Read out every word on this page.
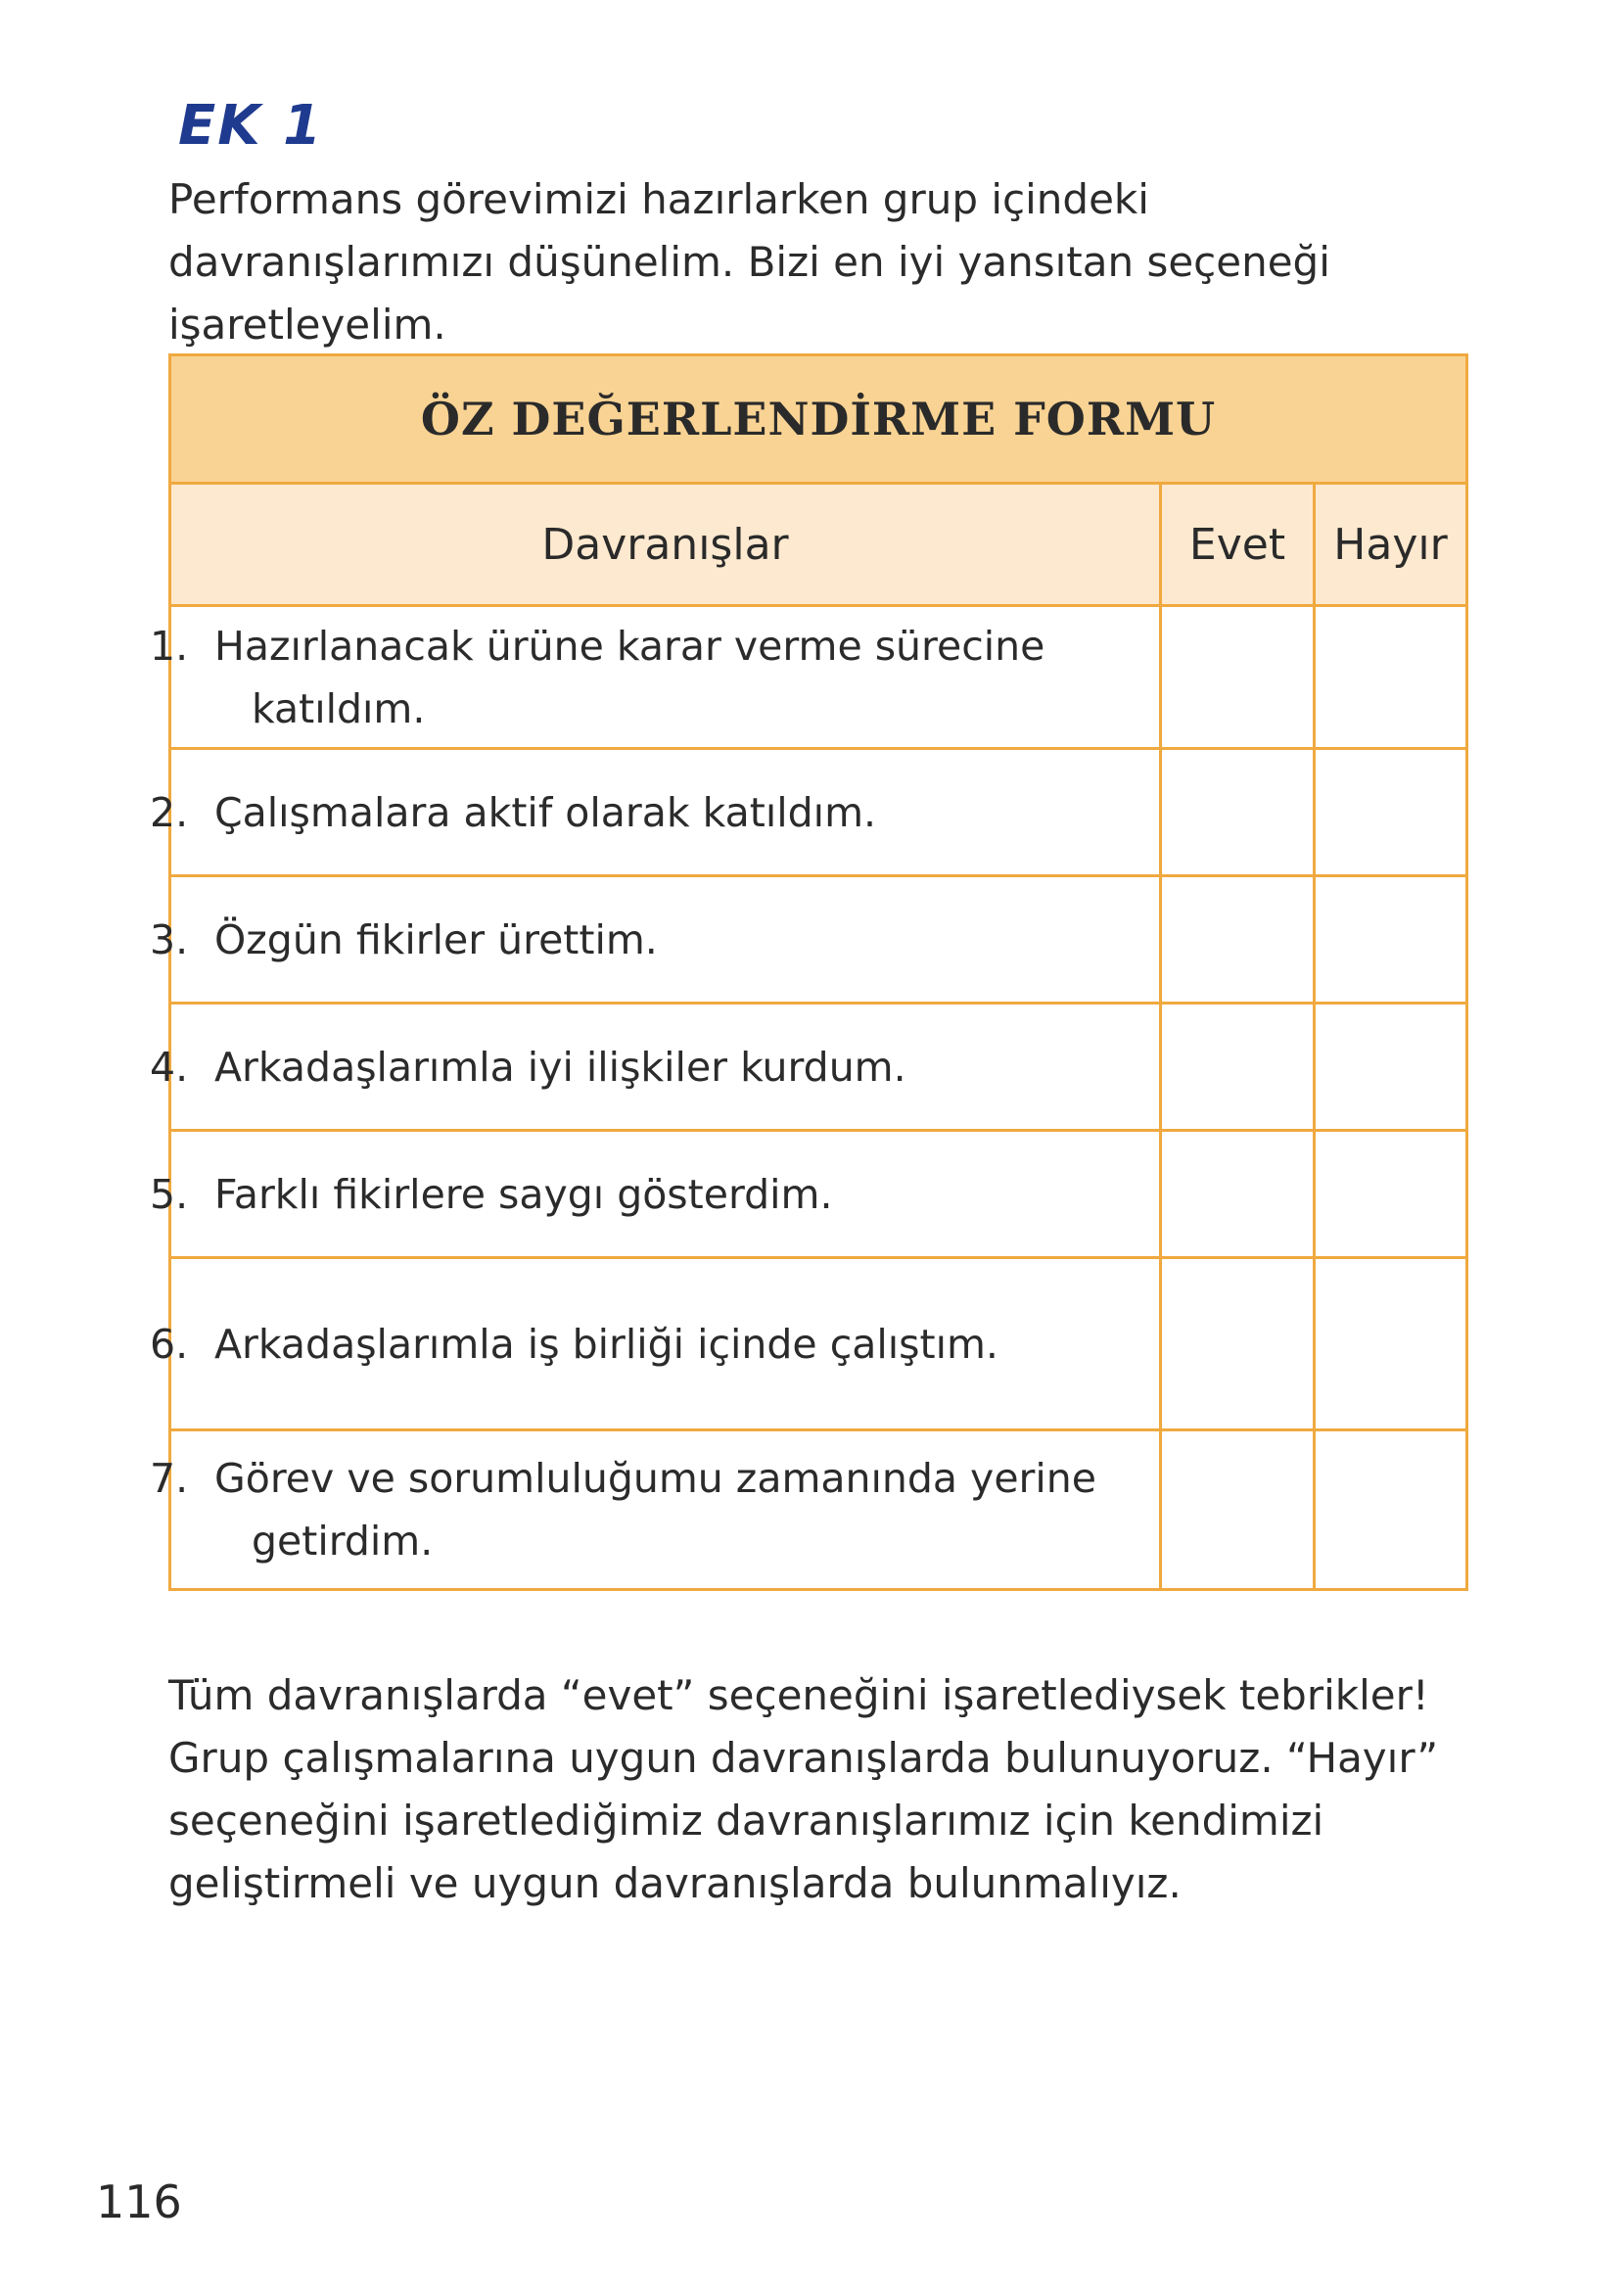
EK 1
Performans görevimizi hazırlarken grup içindeki davranışlarımızı düşünelim. Bizi en iyi yansıtan seçeneği işaretleyelim.
ÖZ DEĞERLENDİRME FORMU		
Davranışlar	Evet	Hayır

1. Hazırlanacak ürüne karar verme sürecine katıldım.		

2. Çalışmalara aktif olarak katıldım.		

3. Özgün fikirler ürettim.		

4. Arkadaşlarımla iyi ilişkiler kurdum.		

5. Farklı fikirlere saygı gösterdim.		

6. Arkadaşlarımla iş birliği içinde çalıştım.		

7. Görev ve sorumluluğumu zamanında yerine getirdim.		

Tüm davranışlarda “evet” seçeneğini işaretlediysek tebrikler! Grup çalışmalarına uygun davranışlarda bulunuyoruz. “Hayır” seçeneğini işaretlediğimiz davranışlarımız için kendimizi geliştirmeli ve uygun davranışlarda bulunmalıyız.
116
